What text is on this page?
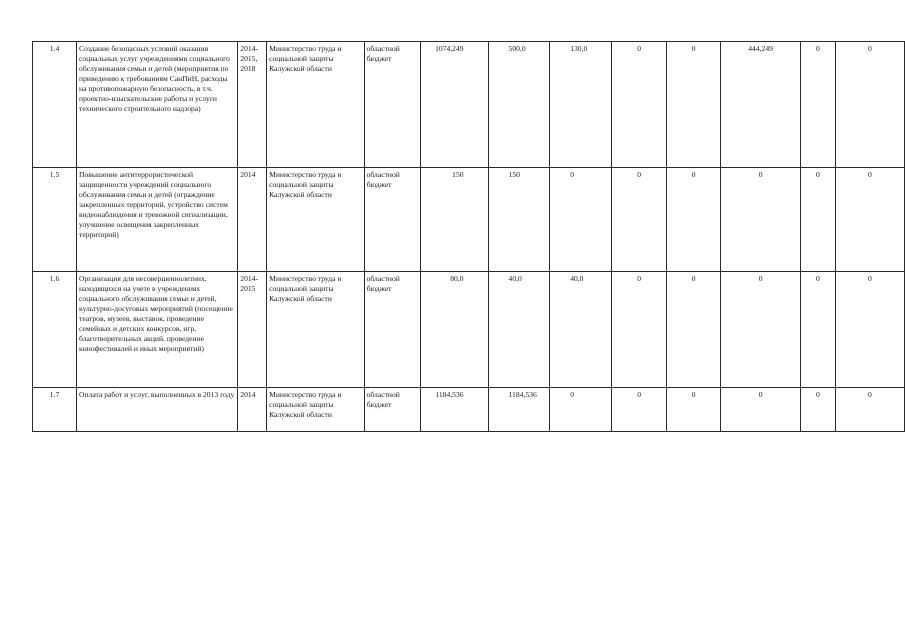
1.4	Создание безопасных условий оказания социальных услуг учреждениями социального обслуживания семьи и детей (мероприятия по приведению к требованиям СанПиН, расходы на противопожарную безопасность, в т.ч. проектно-изыскательские работы и услуги технического строительного надзора)	2014-2015, 2018	Министерство труда и социальной защиты Калужской области	областной бюджет	1074,249	500,0	130,0	0	0	444,249	0	0
1.5	Повышение антитеррористической защищенности учреждений социального обслуживания семьи и детей (ограждение закрепленных территорий, устройство систем видеонаблюдения и тревожной сигнализации, улучшение освещения закрепленных территорий)	2014	Министерство труда и социальной защиты Калужской области	областной бюджет	150	150	0	0	0	0	0	0
1.6	Организация для несовершеннолетних, находящихся на учете в учреждениях социального обслуживания семьи и детей, культурно-досуговых мероприятий (посещение театров, музеев, выставок, проведение семейных и детских конкурсов, игр, благотворительных акций, проведение кинофестивалей и иных мероприятий)	2014-2015	Министерство труда и социальной защиты Калужской области	областной бюджет	80,0	40,0	40,0	0	0	0	0	0
1.7	Оплата работ и услуг, выполненных в 2013 году	2014	Министерство труда и социальной защиты Калужской области	областной бюджет	1184,536	1184,536	0	0	0	0	0	0
